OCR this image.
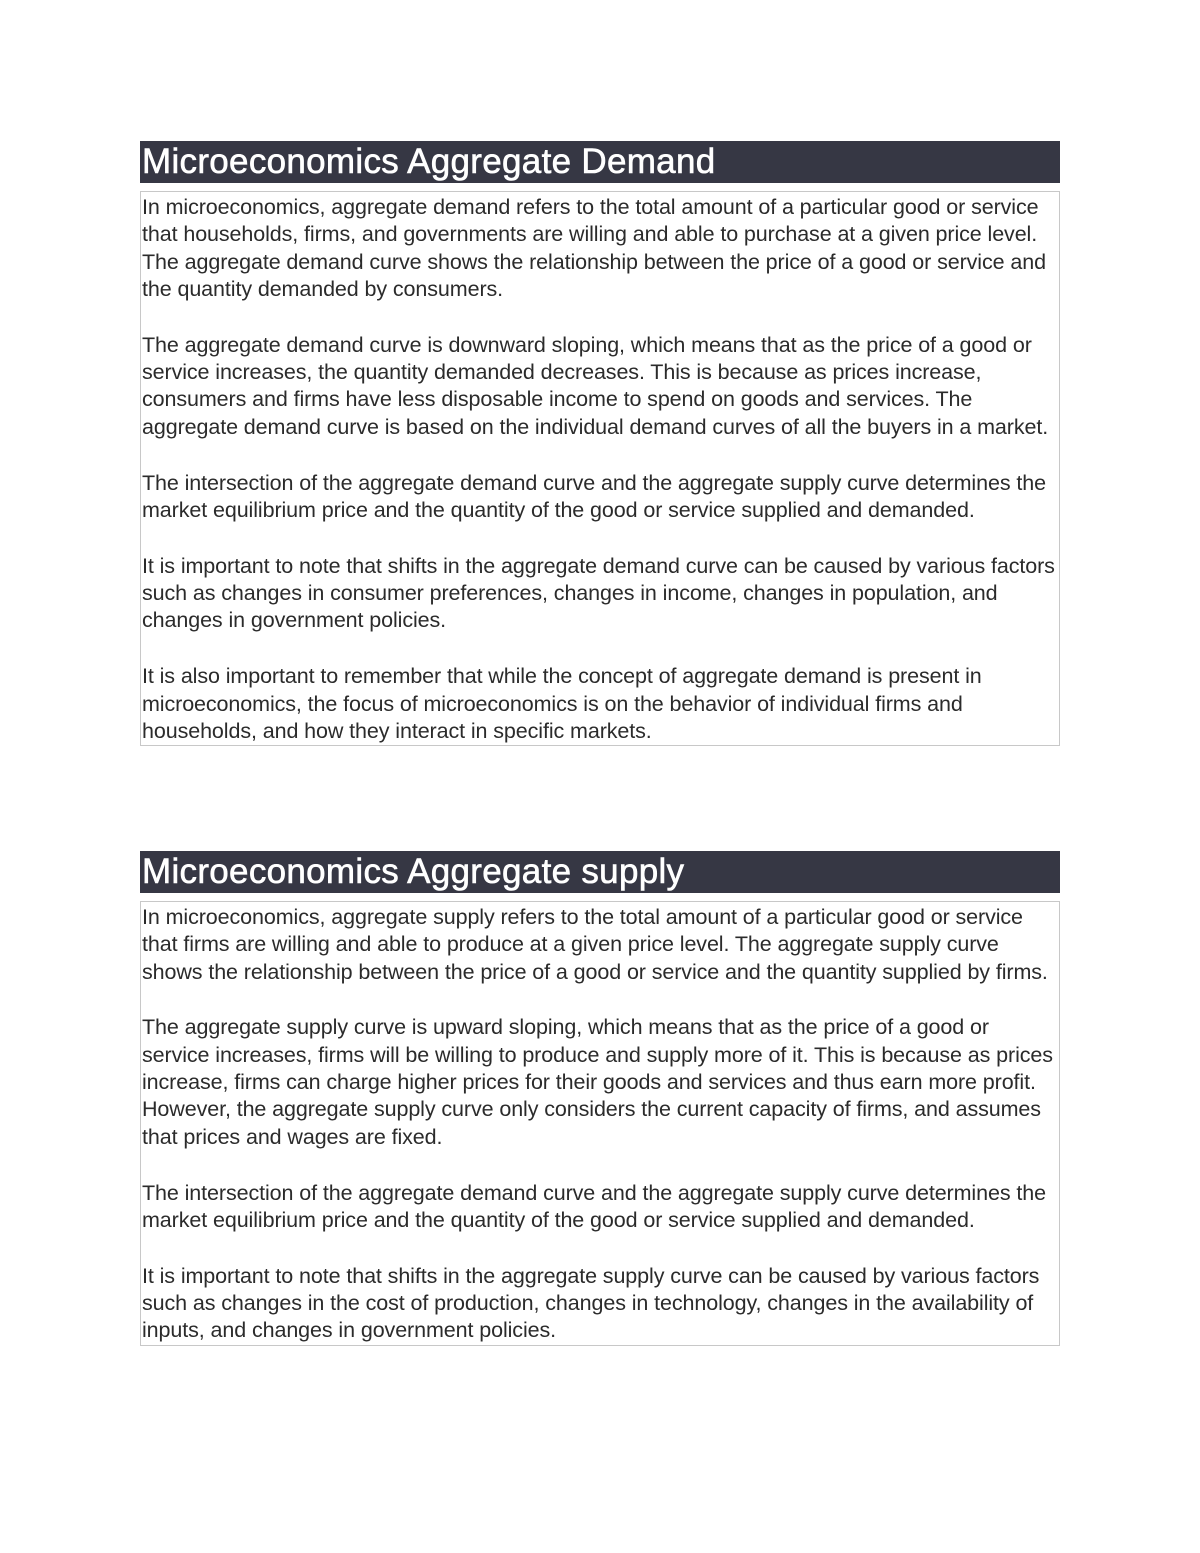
Microeconomics Aggregate Demand

In microeconomics, aggregate demand refers to the total amount of a particular good or service that households, firms, and governments are willing and able to purchase at a given price level. The aggregate demand curve shows the relationship between the price of a good or service and the quantity demanded by consumers.

The aggregate demand curve is downward sloping, which means that as the price of a good or service increases, the quantity demanded decreases. This is because as prices increase, consumers and firms have less disposable income to spend on goods and services. The aggregate demand curve is based on the individual demand curves of all the buyers in a market.

The intersection of the aggregate demand curve and the aggregate supply curve determines the market equilibrium price and the quantity of the good or service supplied and demanded.

It is important to note that shifts in the aggregate demand curve can be caused by various factors such as changes in consumer preferences, changes in income, changes in population, and changes in government policies.

It is also important to remember that while the concept of aggregate demand is present in microeconomics, the focus of microeconomics is on the behavior of individual firms and households, and how they interact in specific markets.

Microeconomics Aggregate supply

In microeconomics, aggregate supply refers to the total amount of a particular good or service that firms are willing and able to produce at a given price level. The aggregate supply curve shows the relationship between the price of a good or service and the quantity supplied by firms.

The aggregate supply curve is upward sloping, which means that as the price of a good or service increases, firms will be willing to produce and supply more of it. This is because as prices increase, firms can charge higher prices for their goods and services and thus earn more profit. However, the aggregate supply curve only considers the current capacity of firms, and assumes that prices and wages are fixed.

The intersection of the aggregate demand curve and the aggregate supply curve determines the market equilibrium price and the quantity of the good or service supplied and demanded.

It is important to note that shifts in the aggregate supply curve can be caused by various factors such as changes in the cost of production, changes in technology, changes in the availability of inputs, and changes in government policies.
